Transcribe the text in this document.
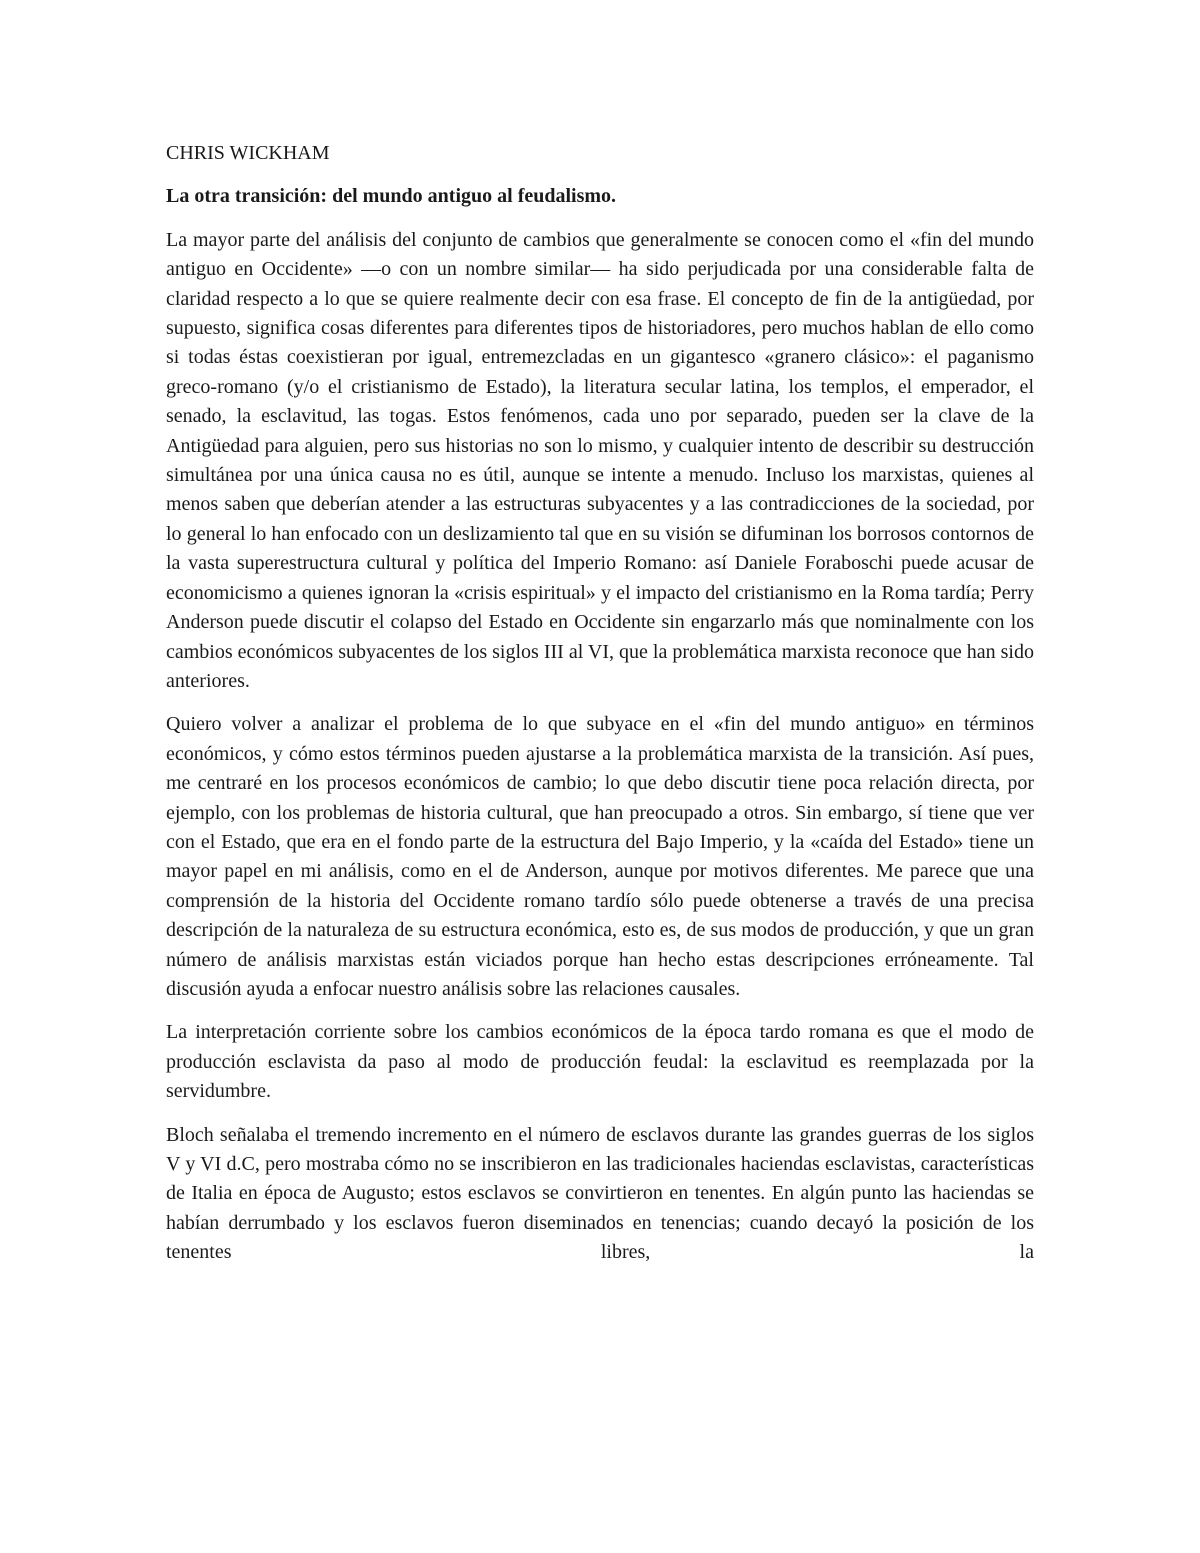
CHRIS WICKHAM

La otra transición: del mundo antiguo al feudalismo.

La mayor parte del análisis del conjunto de cambios que generalmente se conocen como el «fin del mundo antiguo en Occidente» —o con un nombre similar— ha sido perjudicada por una considerable falta de claridad respecto a lo que se quiere realmente decir con esa frase. El concepto de fin de la antigüedad, por supuesto, significa cosas diferentes para diferentes tipos de historiadores, pero muchos hablan de ello como si todas éstas coexistieran por igual, entremezcladas en un gigantesco «granero clásico»: el paganismo greco-romano (y/o el cristianismo de Estado), la literatura secular latina, los templos, el emperador, el senado, la esclavitud, las togas. Estos fenómenos, cada uno por separado, pueden ser la clave de la Antigüedad para alguien, pero sus historias no son lo mismo, y cualquier intento de describir su destrucción simultánea por una única causa no es útil, aunque se intente a menudo. Incluso los marxistas, quienes al menos saben que deberían atender a las estructuras subyacentes y a las contradicciones de la sociedad, por lo general lo han enfocado con un deslizamiento tal que en su visión se difuminan los borrosos contornos de la vasta superestructura cultural y política del Imperio Romano: así Daniele Foraboschi puede acusar de economicismo a quienes ignoran la «crisis espiritual» y el impacto del cristianismo en la Roma tardía; Perry Anderson puede discutir el colapso del Estado en Occidente sin engarzarlo más que nominalmente con los cambios económicos subyacentes de los siglos III al VI, que la problemática marxista reconoce que han sido anteriores.

Quiero volver a analizar el problema de lo que subyace en el «fin del mundo antiguo» en términos económicos, y cómo estos términos pueden ajustarse a la problemática marxista de la transición. Así pues, me centraré en los procesos económicos de cambio; lo que debo discutir tiene poca relación directa, por ejemplo, con los problemas de historia cultural, que han preocupado a otros. Sin embargo, sí tiene que ver con el Estado, que era en el fondo parte de la estructura del Bajo Imperio, y la «caída del Estado» tiene un mayor papel en mi análisis, como en el de Anderson, aunque por motivos diferentes. Me parece que una comprensión de la historia del Occidente romano tardío sólo puede obtenerse a través de una precisa descripción de la naturaleza de su estructura económica, esto es, de sus modos de producción, y que un gran número de análisis marxistas están viciados porque han hecho estas descripciones erróneamente. Tal discusión ayuda a enfocar nuestro análisis sobre las relaciones causales.

La interpretación corriente sobre los cambios económicos de la época tardo romana es que el modo de producción esclavista da paso al modo de producción feudal: la esclavitud es reemplazada por la servidumbre.

Bloch señalaba el tremendo incremento en el número de esclavos durante las grandes guerras de los siglos V y VI d.C, pero mostraba cómo no se inscribieron en las tradicionales haciendas esclavistas, características de Italia en época de Augusto; estos esclavos se convirtieron en tenentes. En algún punto las haciendas se habían derrumbado y los esclavos fueron diseminados en tenencias; cuando decayó la posición de los tenentes libres, la
